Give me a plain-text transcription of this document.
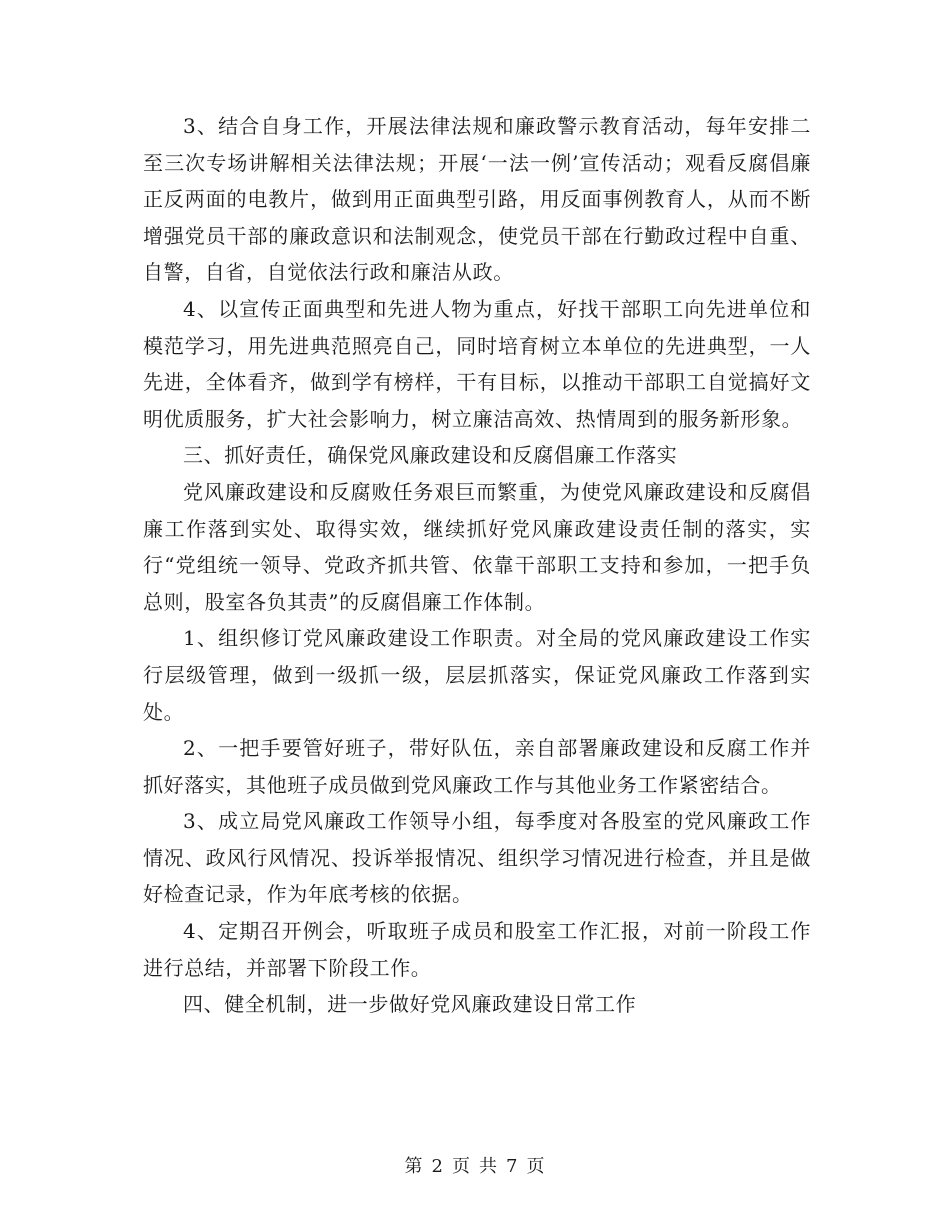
3、结合自身工作，开展法律法规和廉政警示教育活动，每年安排二至三次专场讲解相关法律法规；开展‘一法一例’宣传活动；观看反腐倡廉正反两面的电教片，做到用正面典型引路，用反面事例教育人，从而不断增强党员干部的廉政意识和法制观念，使党员干部在行勤政过程中自重、自警，自省，自觉依法行政和廉洁从政。

4、以宣传正面典型和先进人物为重点，好找干部职工向先进单位和模范学习，用先进典范照亮自己，同时培育树立本单位的先进典型，一人先进，全体看齐，做到学有榜样，干有目标，以推动干部职工自觉搞好文明优质服务，扩大社会影响力，树立廉洁高效、热情周到的服务新形象。

三、抓好责任，确保党风廉政建设和反腐倡廉工作落实

党风廉政建设和反腐败任务艰巨而繁重，为使党风廉政建设和反腐倡廉工作落到实处、取得实效，继续抓好党风廉政建设责任制的落实，实行“党组统一领导、党政齐抓共管、依靠干部职工支持和参加，一把手负总则，股室各负其责”的反腐倡廉工作体制。

1、组织修订党风廉政建设工作职责。对全局的党风廉政建设工作实行层级管理，做到一级抓一级，层层抓落实，保证党风廉政工作落到实处。

2、一把手要管好班子，带好队伍，亲自部署廉政建设和反腐工作并抓好落实，其他班子成员做到党风廉政工作与其他业务工作紧密结合。

3、成立局党风廉政工作领导小组，每季度对各股室的党风廉政工作情况、政风行风情况、投诉举报情况、组织学习情况进行检查，并且是做好检查记录，作为年底考核的依据。

4、定期召开例会，听取班子成员和股室工作汇报，对前一阶段工作进行总结，并部署下阶段工作。

四、健全机制，进一步做好党风廉政建设日常工作

第 2 页 共 7 页
